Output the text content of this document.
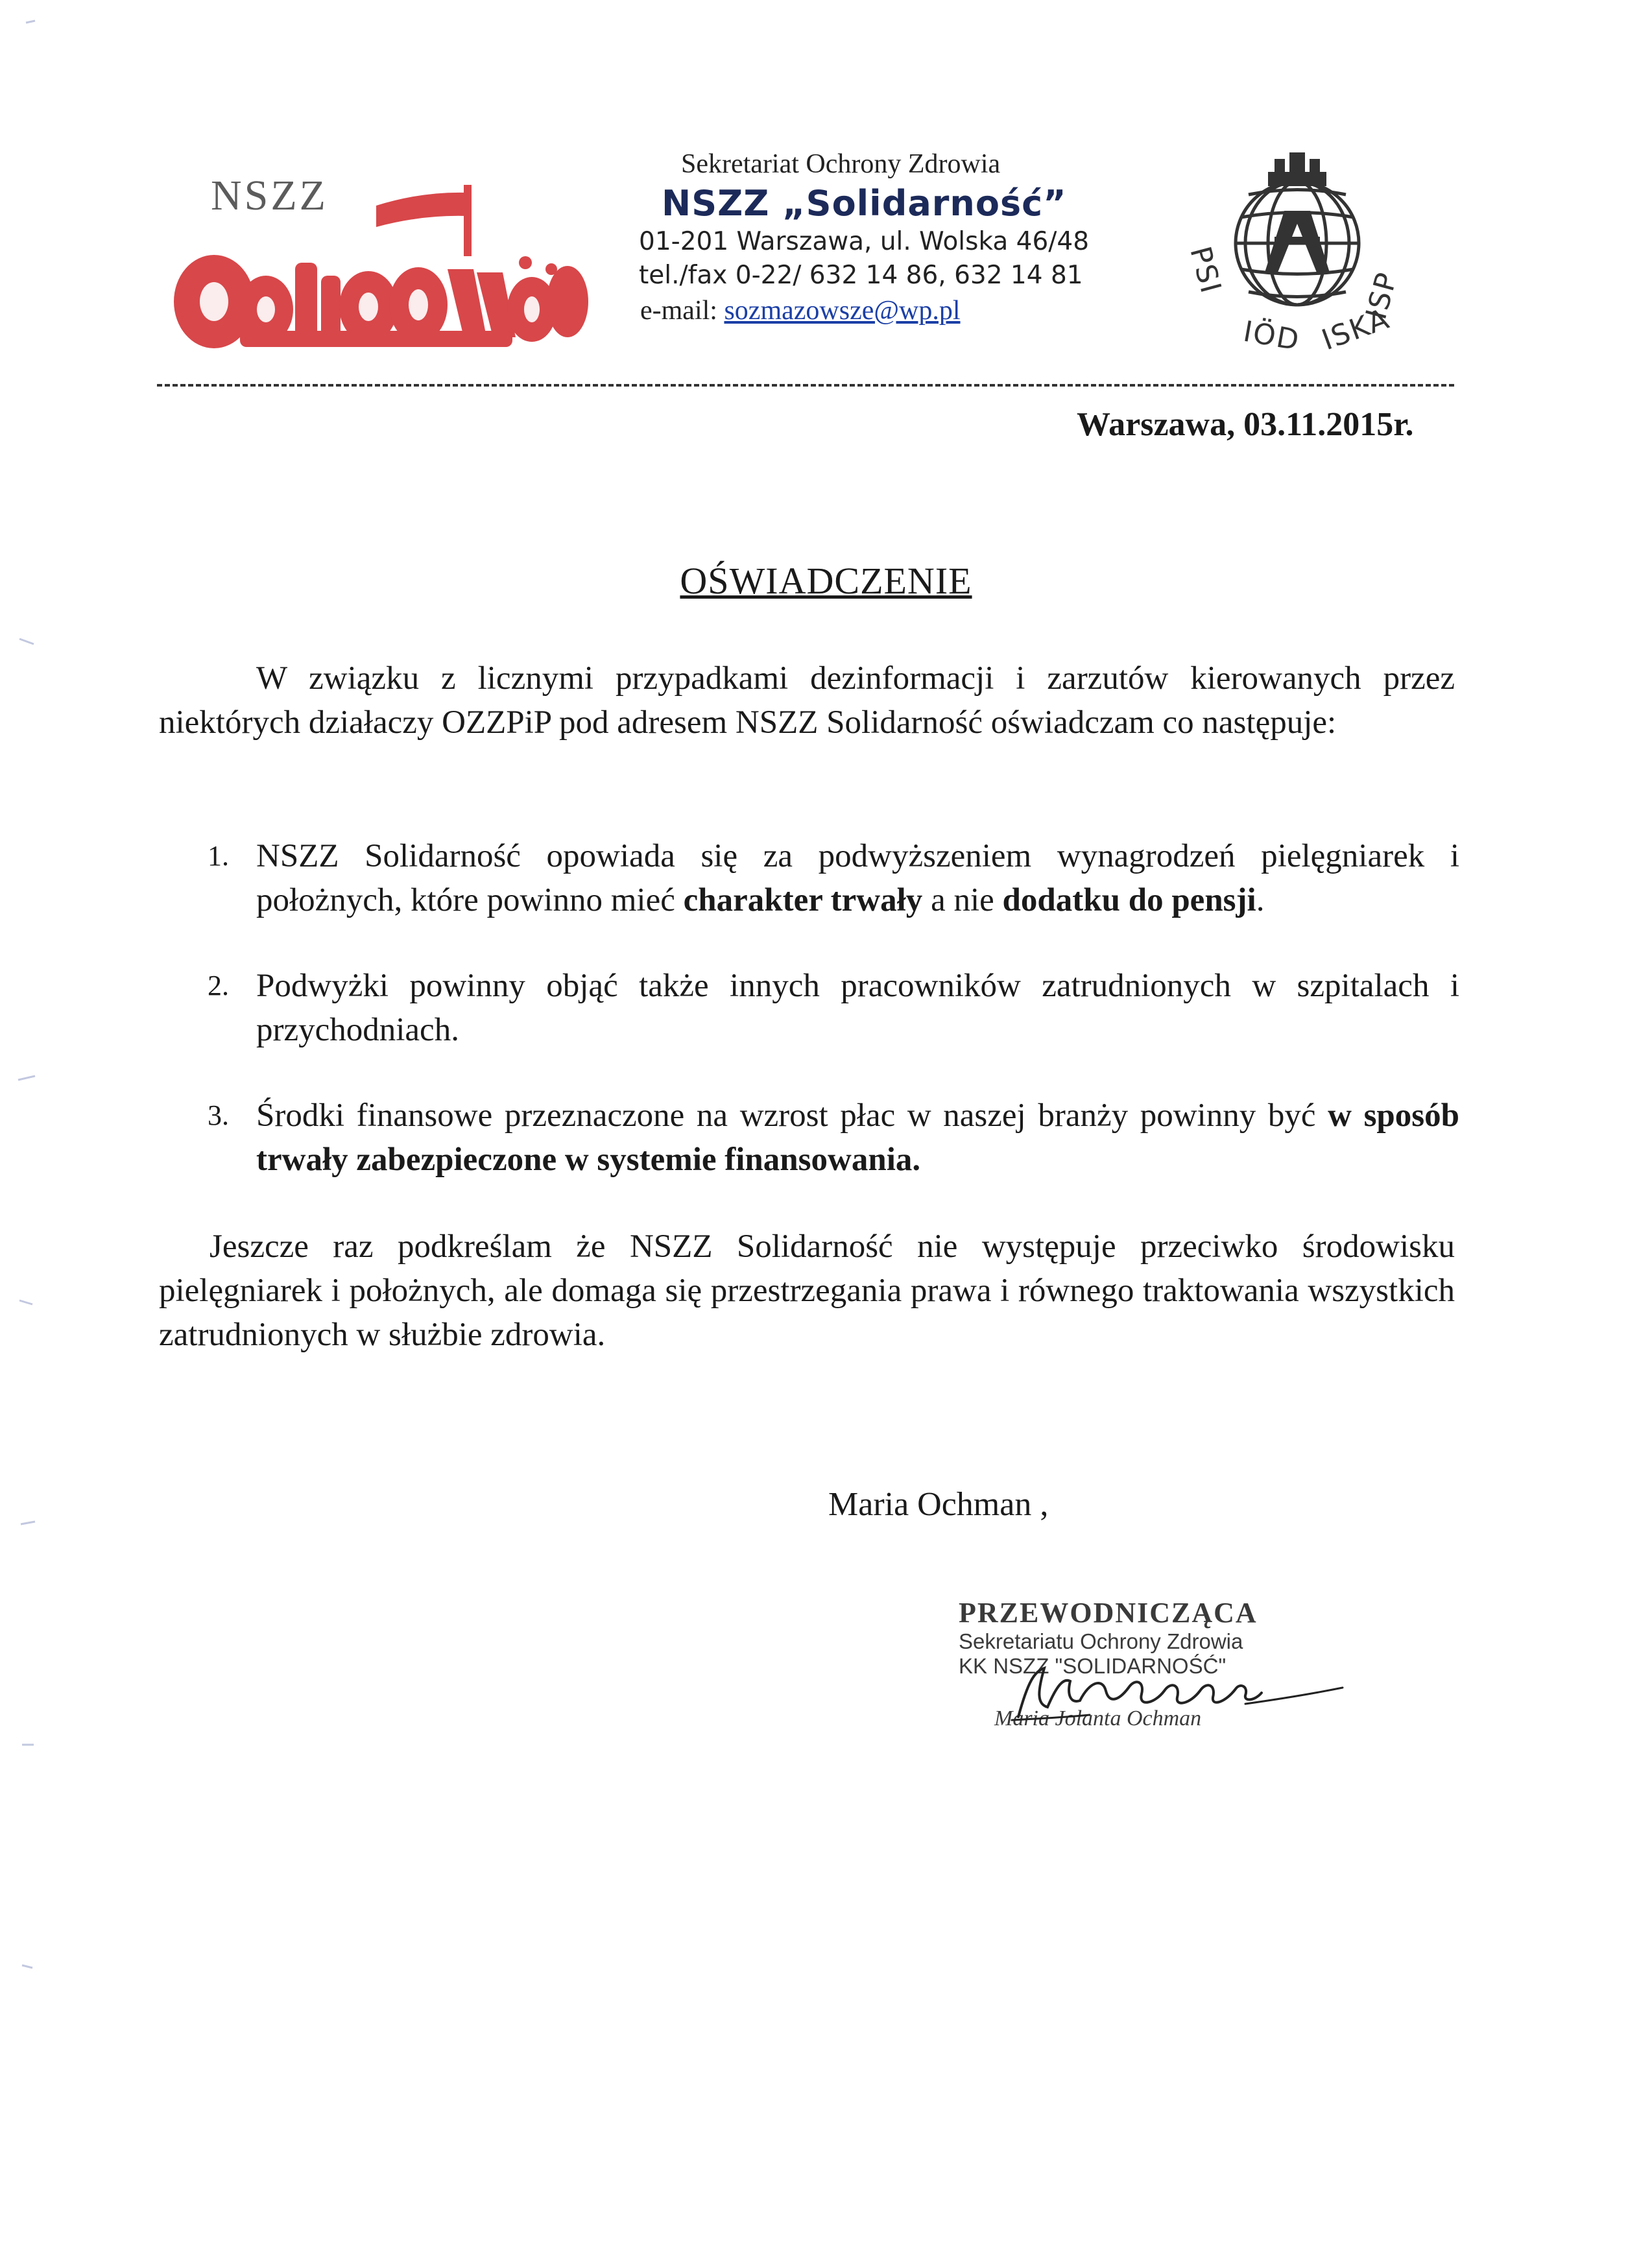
NSZZ
Sekretariat Ochrony Zdrowia
NSZZ „Solidarność”
01-201 Warszawa, ul. Wolska 46/48
tel./fax 0-22/ 632 14 86, 632 14 81
e-mail: sozmazowsze@wp.pl
PSI
IÖD ISKA
ISP
Warszawa, 03.11.2015r.
OŚWIADCZENIE
W związku z licznymi przypadkami dezinformacji i zarzutów kierowanych przez niektórych działaczy OZZPiP pod adresem NSZZ Solidarność oświadczam co następuje:
1. NSZZ Solidarność opowiada się za podwyższeniem wynagrodzeń pielęgniarek i położnych, które powinno mieć charakter trwały a nie dodatku do pensji.
2. Podwyżki powinny objąć także innych pracowników zatrudnionych w szpitalach i przychodniach.
3. Środki finansowe przeznaczone na wzrost płac w naszej branży powinny być w sposób trwały zabezpieczone w systemie finansowania.
Jeszcze raz podkreślam że NSZZ Solidarność nie występuje przeciwko środowisku pielęgniarek i położnych, ale domaga się przestrzegania prawa i równego traktowania wszystkich zatrudnionych w służbie zdrowia.
Maria Ochman ,
PRZEWODNICZĄCA
Sekretariatu Ochrony Zdrowia
KK NSZZ "SOLIDARNOŚĆ"
Maria Jolanta Ochman
